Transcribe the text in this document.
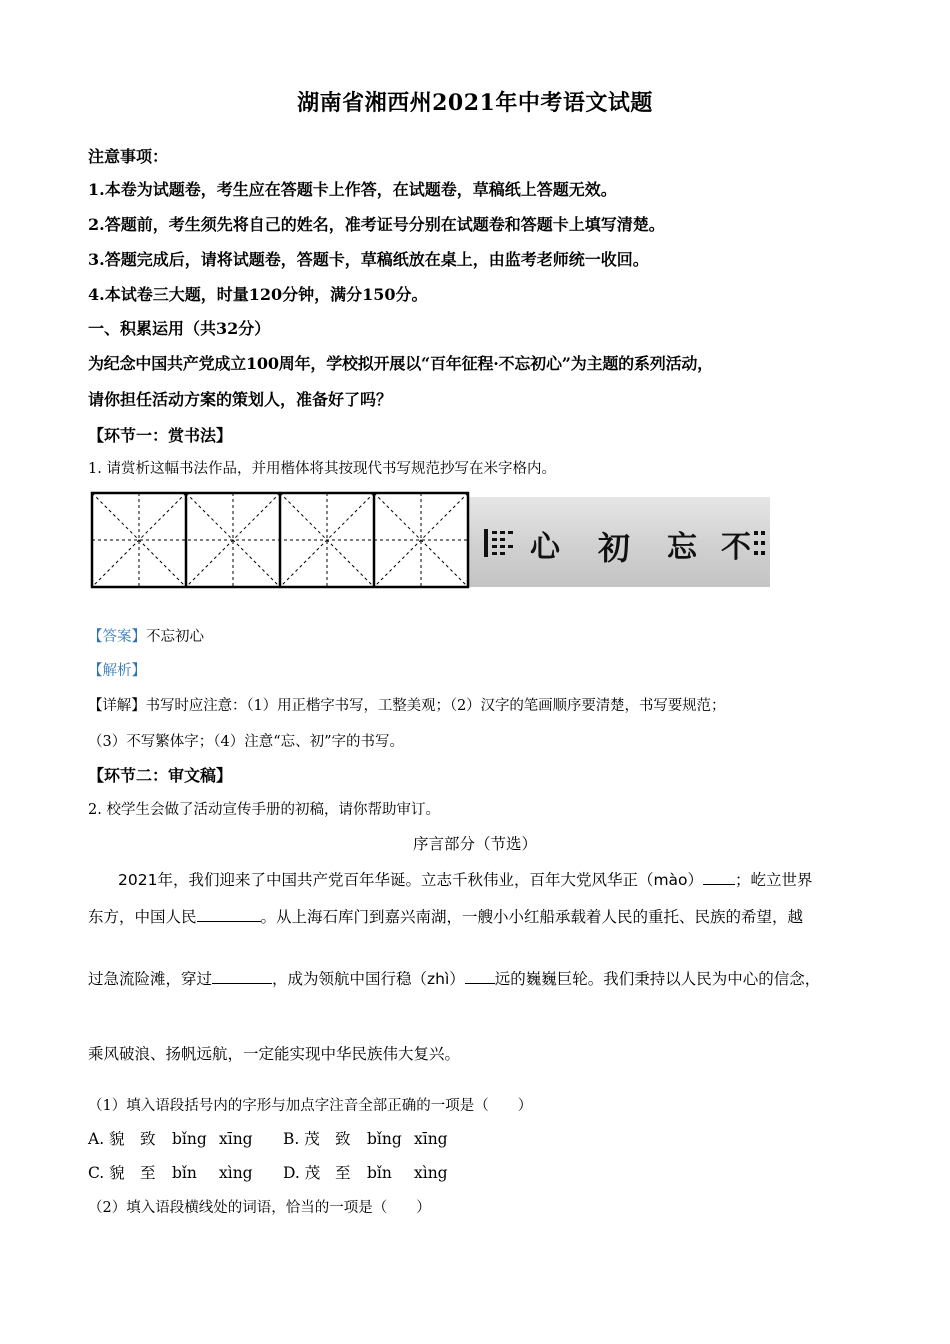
湖南省湘西州2021年中考语文试题
注意事项：
1.本卷为试题卷，考生应在答题卡上作答，在试题卷，草稿纸上答题无效。
2.答题前，考生须先将自己的姓名，准考证号分别在试题卷和答题卡上填写清楚。
3.答题完成后，请将试题卷，答题卡，草稿纸放在桌上，由监考老师统一收回。
4.本试卷三大题，时量120分钟，满分150分。
一、积累运用（共32分）
为纪念中国共产党成立100周年，学校拟开展以“百年征程·不忘初心”为主题的系列活动，
请你担任活动方案的策划人，准备好了吗？
【环节一：赏书法】
1. 请赏析这幅书法作品，并用楷体将其按现代书写规范抄写在米字格内。
心 初 忘 不
【答案】不忘初心
【解析】
【详解】书写时应注意：（1）用正楷字书写，工整美观；（2）汉字的笔画顺序要清楚，书写要规范；
（3）不写繁体字；（4）注意“忘、初”字的书写。
【环节二：审文稿】
2. 校学生会做了活动宣传手册的初稿，请你帮助审订。
序言部分（节选）
2021年，我们迎来了中国共产党百年华诞。立志千秋伟业，百年大党风华正（mào） ；屹立世界
东方，中国人民	。从上海石库门到嘉兴南湖，一艘小小红船承载着人民的重托、民族的希望，越
过急流险滩，穿过	，成为领航中国行稳（zhì） 远的巍巍巨轮。我们秉持以人民为中心的信念，
乘风破浪、扬帆远航，一定能实现中华民族伟大复兴。
（1）填入语段括号内的字形与加点字注音全部正确的一项是（　　）
A. 貌 致 bǐng xīng B. 茂 致 bǐng xīng
C. 貌 至 bǐn xìng D. 茂 至 bǐn xìng
（2）填入语段横线处的词语，恰当的一项是（　　）
